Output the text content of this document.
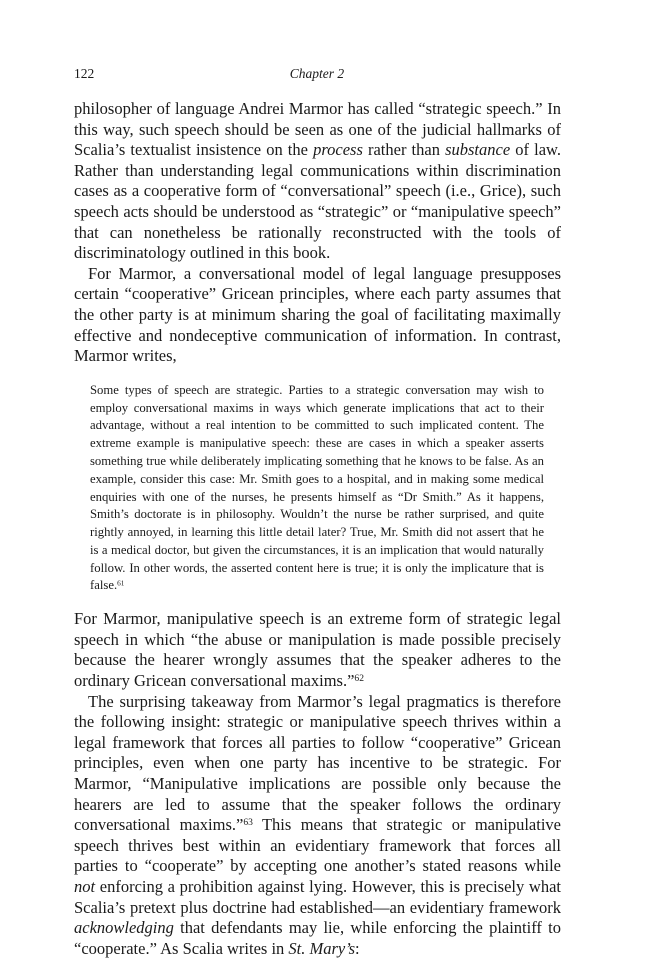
122	Chapter 2

philosopher of language Andrei Marmor has called “strategic speech.” In this way, such speech should be seen as one of the judicial hallmarks of Scalia’s textualist insistence on the process rather than substance of law. Rather than understanding legal communications within discrimination cases as a cooperative form of “conversational” speech (i.e., Grice), such speech acts should be understood as “strategic” or “manipulative speech” that can nonetheless be rationally reconstructed with the tools of discriminatology outlined in this book.

For Marmor, a conversational model of legal language presupposes certain “cooperative” Gricean principles, where each party assumes that the other party is at minimum sharing the goal of facilitating maximally effective and nondeceptive communication of information. In contrast, Marmor writes,

Some types of speech are strategic. Parties to a strategic conversation may wish to employ conversational maxims in ways which generate implications that act to their advantage, without a real intention to be committed to such implicated content. The extreme example is manipulative speech: these are cases in which a speaker asserts something true while deliberately implicating something that he knows to be false. As an example, consider this case: Mr. Smith goes to a hospital, and in making some medical enquiries with one of the nurses, he presents himself as “Dr Smith.” As it happens, Smith’s doctorate is in philosophy. Wouldn’t the nurse be rather surprised, and quite rightly annoyed, in learning this little detail later? True, Mr. Smith did not assert that he is a medical doctor, but given the circumstances, it is an implication that would naturally follow. In other words, the asserted content here is true; it is only the implicature that is false.$^{61}$

For Marmor, manipulative speech is an extreme form of strategic legal speech in which “the abuse or manipulation is made possible precisely because the hearer wrongly assumes that the speaker adheres to the ordinary Gricean conversational maxims.”$^{62}$

The surprising takeaway from Marmor’s legal pragmatics is therefore the following insight: strategic or manipulative speech thrives within a legal framework that forces all parties to follow “cooperative” Gricean principles, even when one party has incentive to be strategic. For Marmor, “Manipulative implications are possible only because the hearers are led to assume that the speaker follows the ordinary conversational maxims.”$^{63}$ This means that strategic or manipulative speech thrives best within an evidentiary framework that forces all parties to “cooperate” by accepting one another’s stated reasons while not enforcing a prohibition against lying. However, this is precisely what Scalia’s pretext plus doctrine had established—an evidentiary framework acknowledging that defendants may lie, while enforcing the plaintiff to “cooperate.” As Scalia writes in St. Mary’s:
